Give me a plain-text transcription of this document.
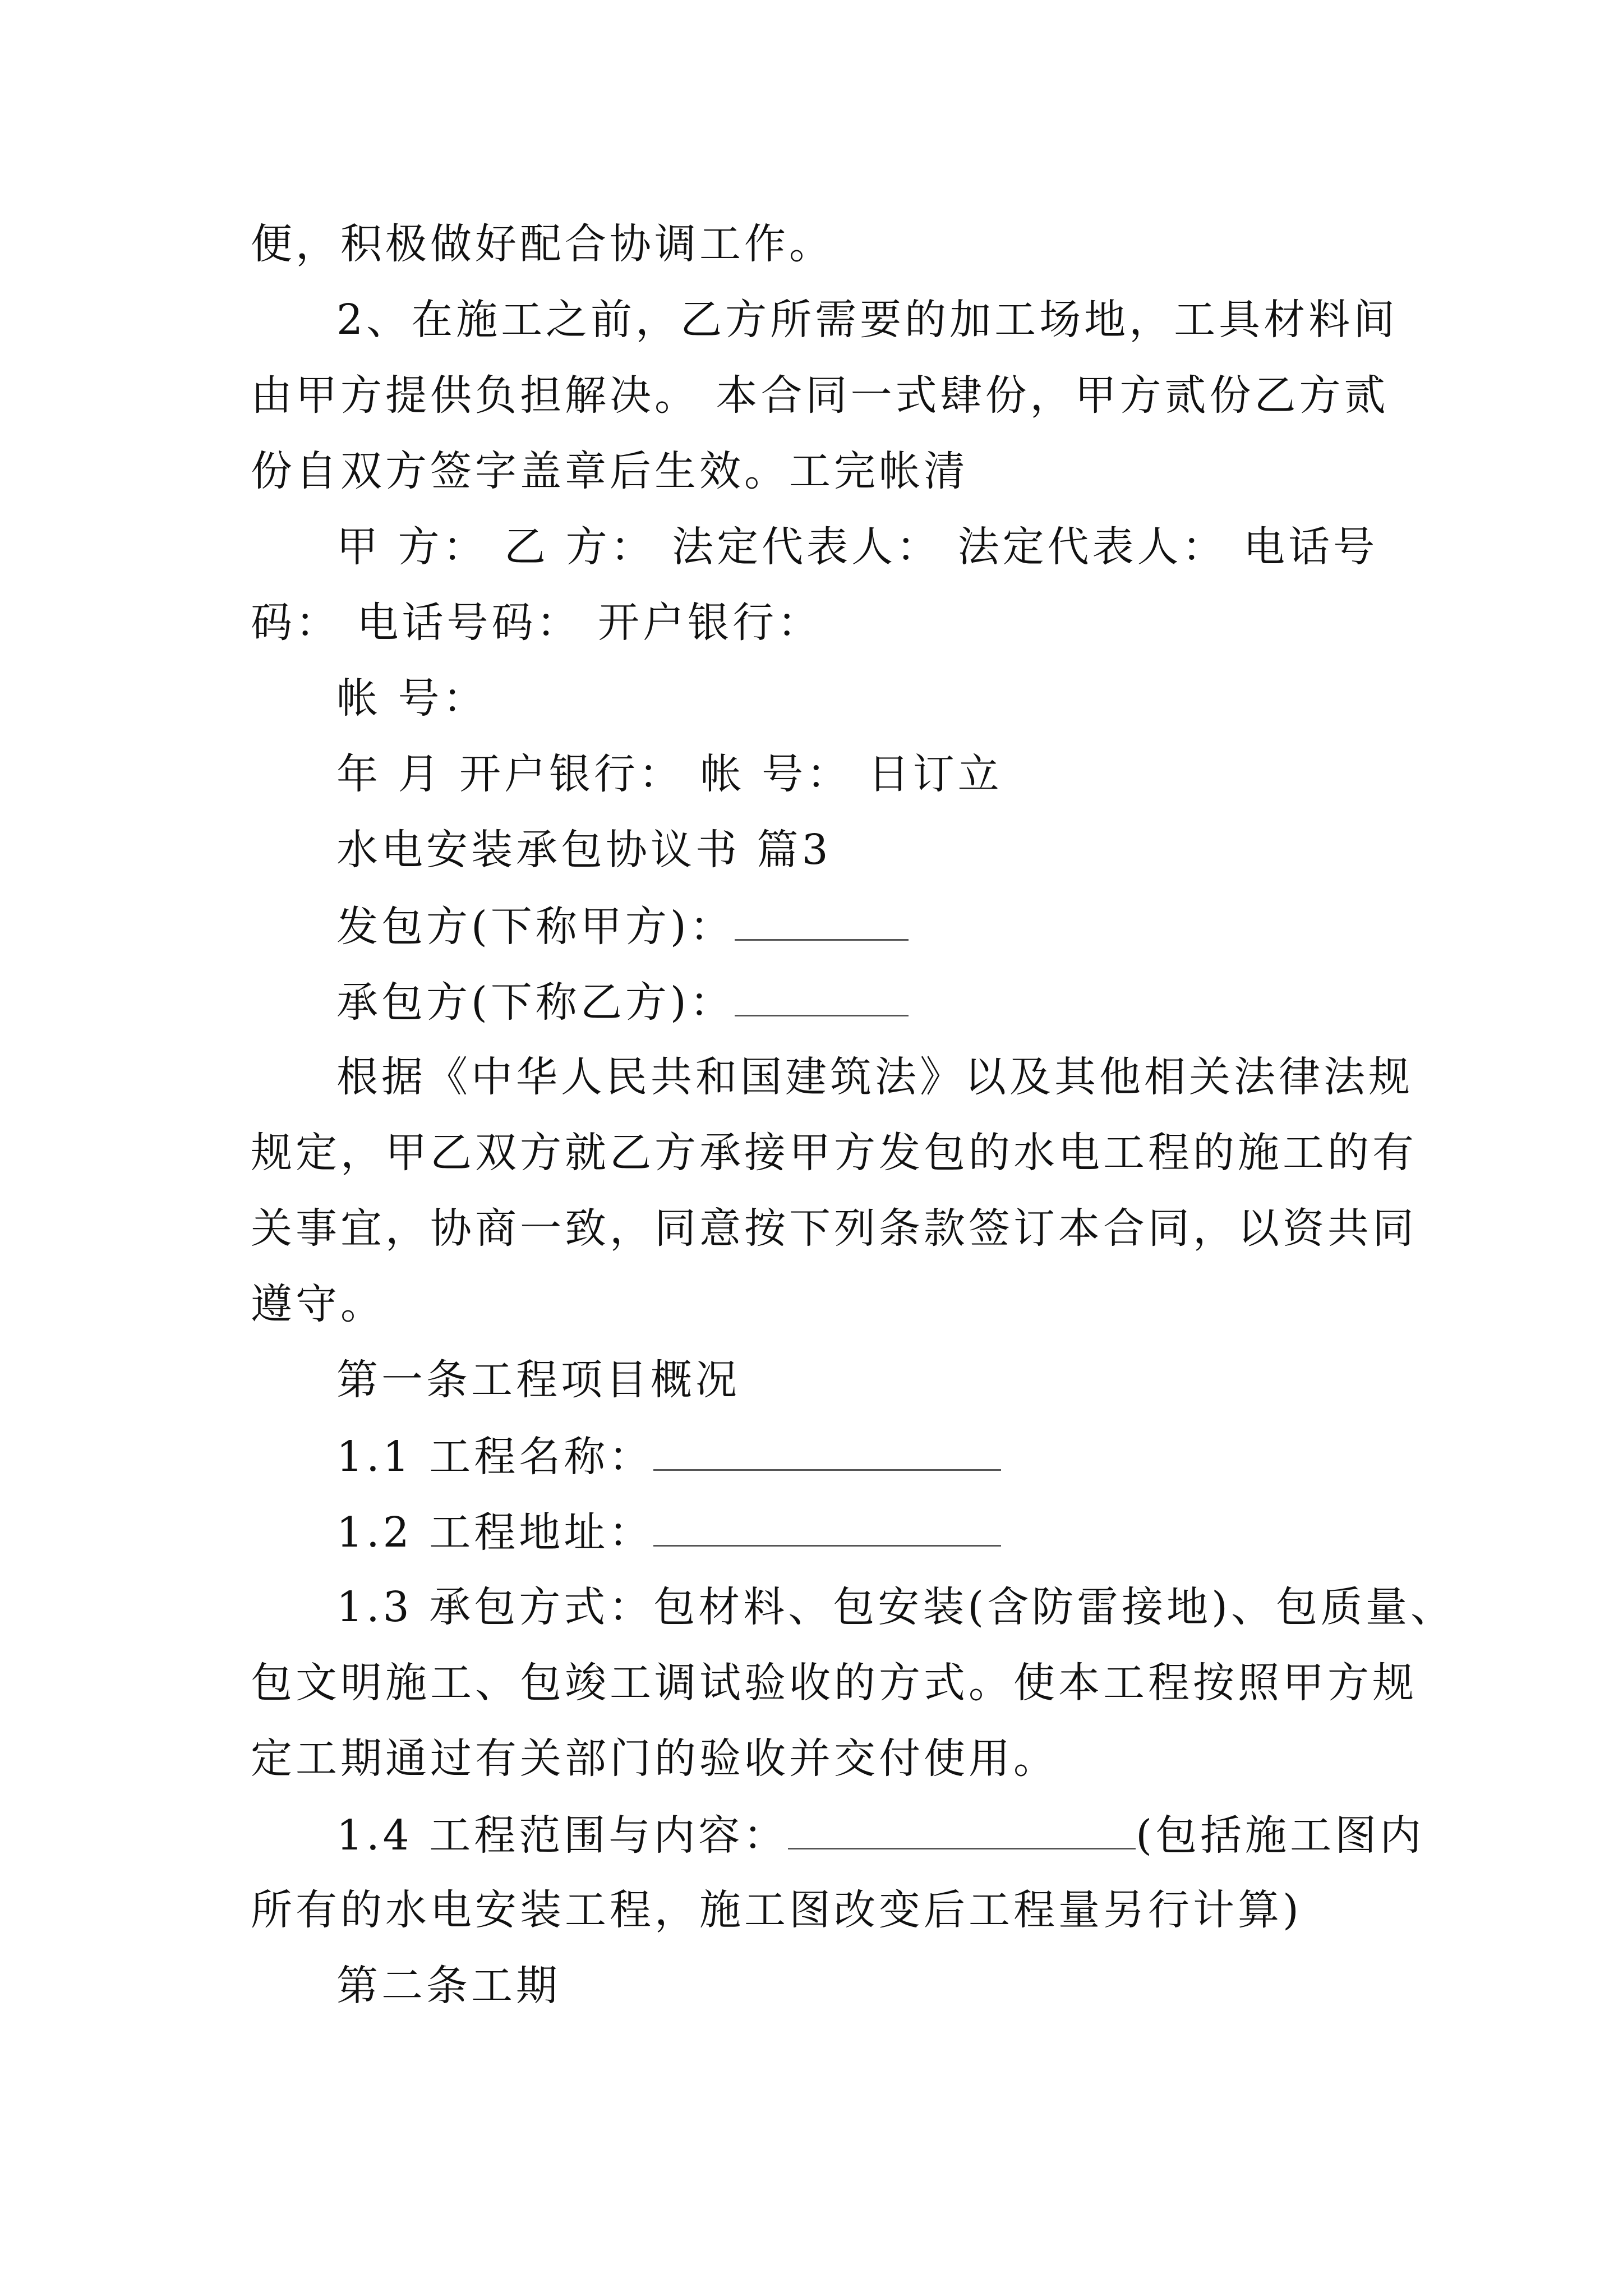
便，积极做好配合协调工作。
2、在施工之前，乙方所需要的加工场地，工具材料间
由甲方提供负担解决。 本合同一式肆份，甲方贰份乙方贰
份自双方签字盖章后生效。工完帐清
甲 方： 乙 方： 法定代表人： 法定代表人： 电话号
码： 电话号码： 开户银行：
帐 号：
年 月 开户银行： 帐 号： 日订立
水电安装承包协议书 篇3
发包方(下称甲方)：
承包方(下称乙方)：
根据《中华人民共和国建筑法》以及其他相关法律法规
规定，甲乙双方就乙方承接甲方发包的水电工程的施工的有
关事宜，协商一致，同意按下列条款签订本合同，以资共同
遵守。
第一条工程项目概况
1.1 工程名称：
1.2 工程地址：
1.3 承包方式：包材料、包安装(含防雷接地)、包质量、
包文明施工、包竣工调试验收的方式。使本工程按照甲方规
定工期通过有关部门的验收并交付使用。
1.4 工程范围与内容：	(包括施工图内
所有的水电安装工程，施工图改变后工程量另行计算)
第二条工期
